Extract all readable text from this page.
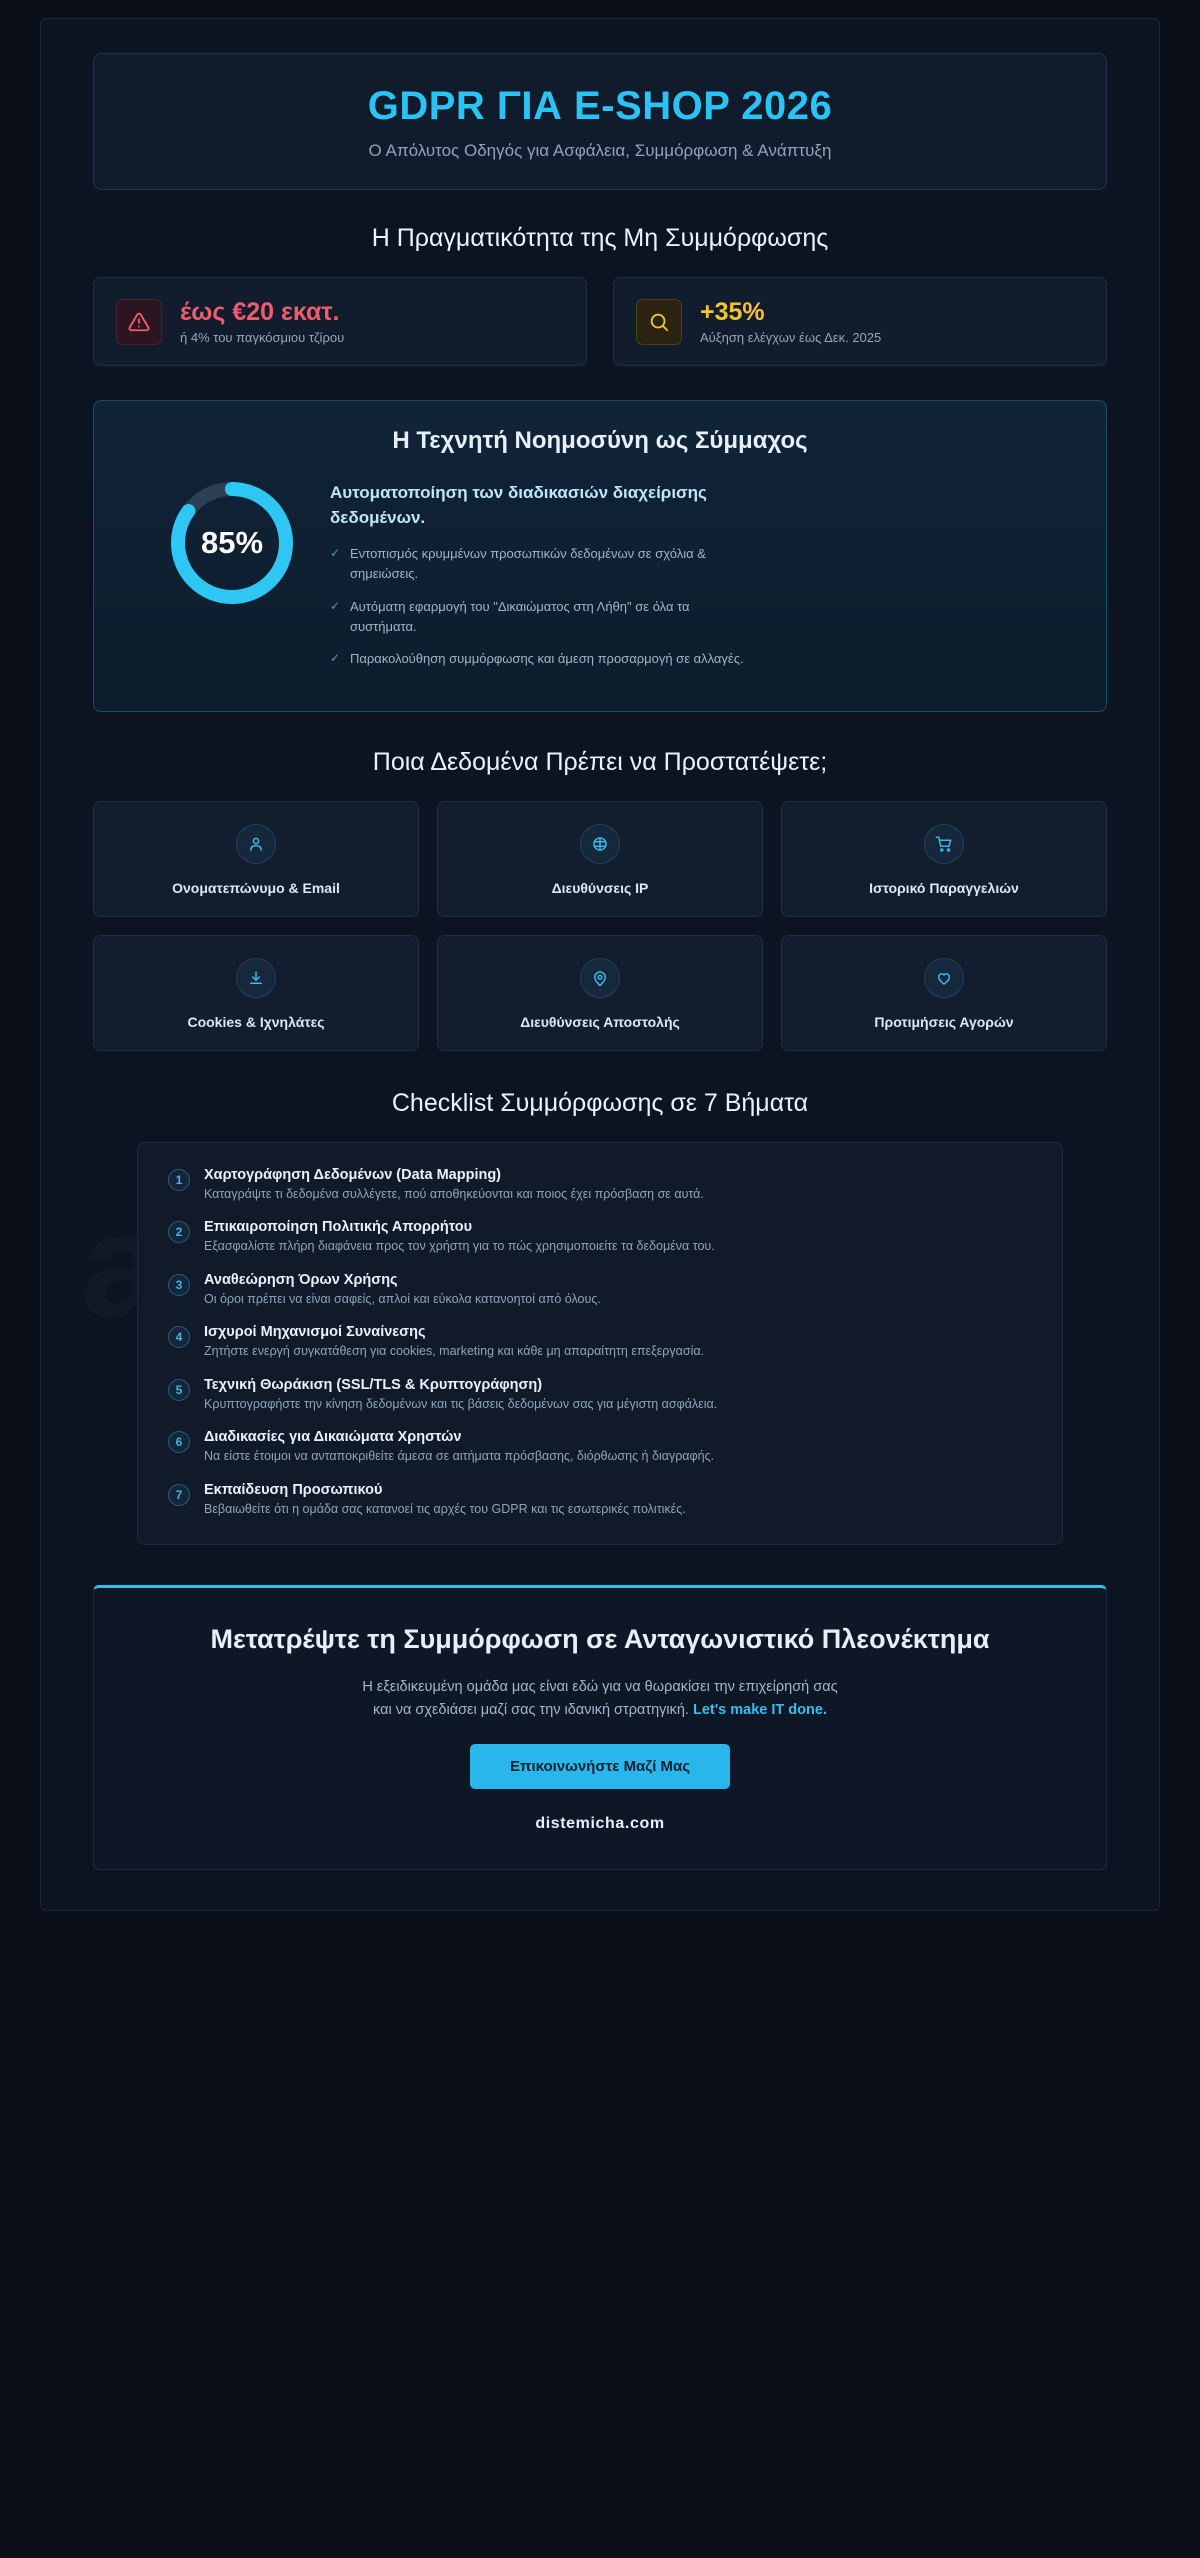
GDPR ΓΙΑ E-SHOP 2026

Ο Απόλυτος Οδηγός για Ασφάλεια, Συμμόρφωση & Ανάπτυξη

Η Πραγματικότητα της Μη Συμμόρφωσης
έως €20 εκατ.
ή 4% του παγκόσμιου τζίρου
+35%
Αύξηση ελέγχων έως Δεκ. 2025
Η Τεχνητή Νοημοσύνη ως Σύμμαχος
85%
Αυτοματοποίηση των διαδικασιών διαχείρισης δεδομένων.
✓ Εντοπισμός κρυμμένων προσωπικών δεδομένων σε σχόλια & σημειώσεις.
✓ Αυτόματη εφαρμογή του "Δικαιώματος στη Λήθη" σε όλα τα συστήματα.
✓ Παρακολούθηση συμμόρφωσης και άμεση προσαρμογή σε αλλαγές.
Ποια Δεδομένα Πρέπει να Προστατέψετε;
Ονοματεπώνυμο & Email	Διευθύνσεις IP	Ιστορικό Παραγγελιών
Cookies & Ιχνηλάτες	Διευθύνσεις Αποστολής	Προτιμήσεις Αγορών
Checklist Συμμόρφωσης σε 7 Βήματα
1	Χαρτογράφηση Δεδομένων (Data Mapping)
Καταγράψτε τι δεδομένα συλλέγετε, πού αποθηκεύονται και ποιος έχει πρόσβαση σε αυτά.
2	Επικαιροποίηση Πολιτικής Απορρήτου
Εξασφαλίστε πλήρη διαφάνεια προς τον χρήστη για το πώς χρησιμοποιείτε τα δεδομένα του.
3	Αναθεώρηση Όρων Χρήσης
Οι όροι πρέπει να είναι σαφείς, απλοί και εύκολα κατανοητοί από όλους.
4	Ισχυροί Μηχανισμοί Συναίνεσης
Ζητήστε ενεργή συγκατάθεση για cookies, marketing και κάθε μη απαραίτητη επεξεργασία.
5	Τεχνική Θωράκιση (SSL/TLS & Κρυπτογράφηση)
Κρυπτογραφήστε την κίνηση δεδομένων και τις βάσεις δεδομένων σας για μέγιστη ασφάλεια.
6	Διαδικασίες για Δικαιώματα Χρηστών
Να είστε έτοιμοι να ανταποκριθείτε άμεσα σε αιτήματα πρόσβασης, διόρθωσης ή διαγραφής.
7	Εκπαίδευση Προσωπικού
Βεβαιωθείτε ότι η ομάδα σας κατανοεί τις αρχές του GDPR και τις εσωτερικές πολιτικές.
Μετατρέψτε τη Συμμόρφωση σε Ανταγωνιστικό Πλεονέκτημα

Η εξειδικευμένη ομάδα μας είναι εδώ για να θωρακίσει την επιχείρησή σας
και να σχεδιάσει μαζί σας την ιδανική στρατηγική. Let's make IT done.

Επικοινωνήστε Μαζί Μας
distemicha.com
